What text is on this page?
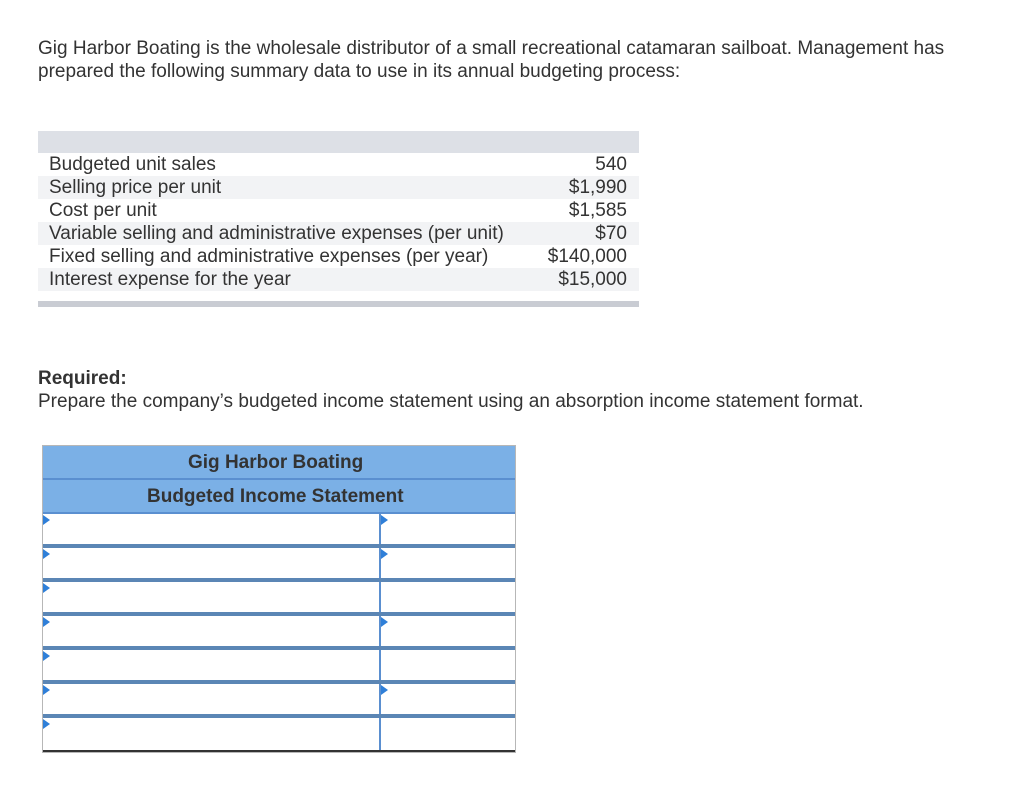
Gig Harbor Boating is the wholesale distributor of a small recreational catamaran sailboat. Management has prepared the following summary data to use in its annual budgeting process:

Budgeted unit sales	540
Selling price per unit	$1,990
Cost per unit	$1,585
Variable selling and administrative expenses (per unit)	$70
Fixed selling and administrative expenses (per year)	$140,000
Interest expense for the year	$15,000
Required:
Prepare the company’s budgeted income statement using an absorption income statement format.
Gig Harbor Boating
Budgeted Income Statement
